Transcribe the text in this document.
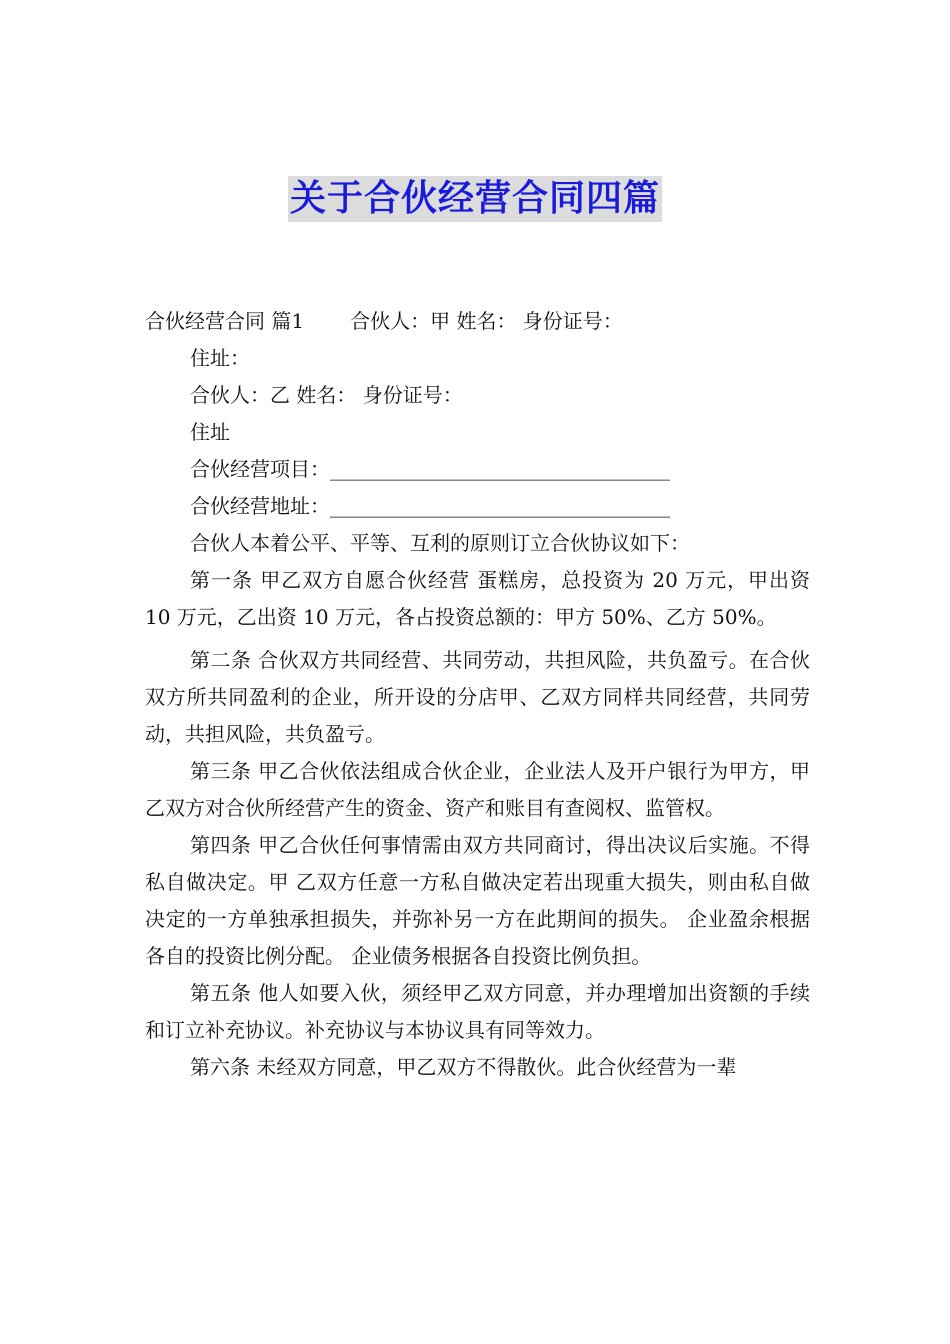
关于合伙经营合同四篇
合伙经营合同 篇1 合伙人：甲 姓名： 身份证号：
住址：
合伙人：乙 姓名： 身份证号：
住址
合伙经营项目：__________________________________
合伙经营地址：__________________________________
合伙人本着公平、平等、互利的原则订立合伙协议如下：

第一条 甲乙双方自愿合伙经营 蛋糕房，总投资为 20 万元，甲出资 10 万元，乙出资 10 万元，各占投资总额的：甲方 50%、乙方 50%。

第二条 合伙双方共同经营、共同劳动，共担风险，共负盈亏。在合伙双方所共同盈利的企业，所开设的分店甲、乙双方同样共同经营，共同劳动，共担风险，共负盈亏。

第三条 甲乙合伙依法组成合伙企业，企业法人及开户银行为甲方，甲乙双方对合伙所经营产生的资金、资产和账目有查阅权、监管权。

第四条 甲乙合伙任何事情需由双方共同商讨，得出决议后实施。不得私自做决定。甲 乙双方任意一方私自做决定若出现重大损失，则由私自做决定的一方单独承担损失，并弥补另一方在此期间的损失。 企业盈余根据各自的投资比例分配。 企业债务根据各自投资比例负担。

第五条 他人如要入伙，须经甲乙双方同意，并办理增加出资额的手续和订立补充协议。补充协议与本协议具有同等效力。

第六条 未经双方同意，甲乙双方不得散伙。此合伙经营为一辈
